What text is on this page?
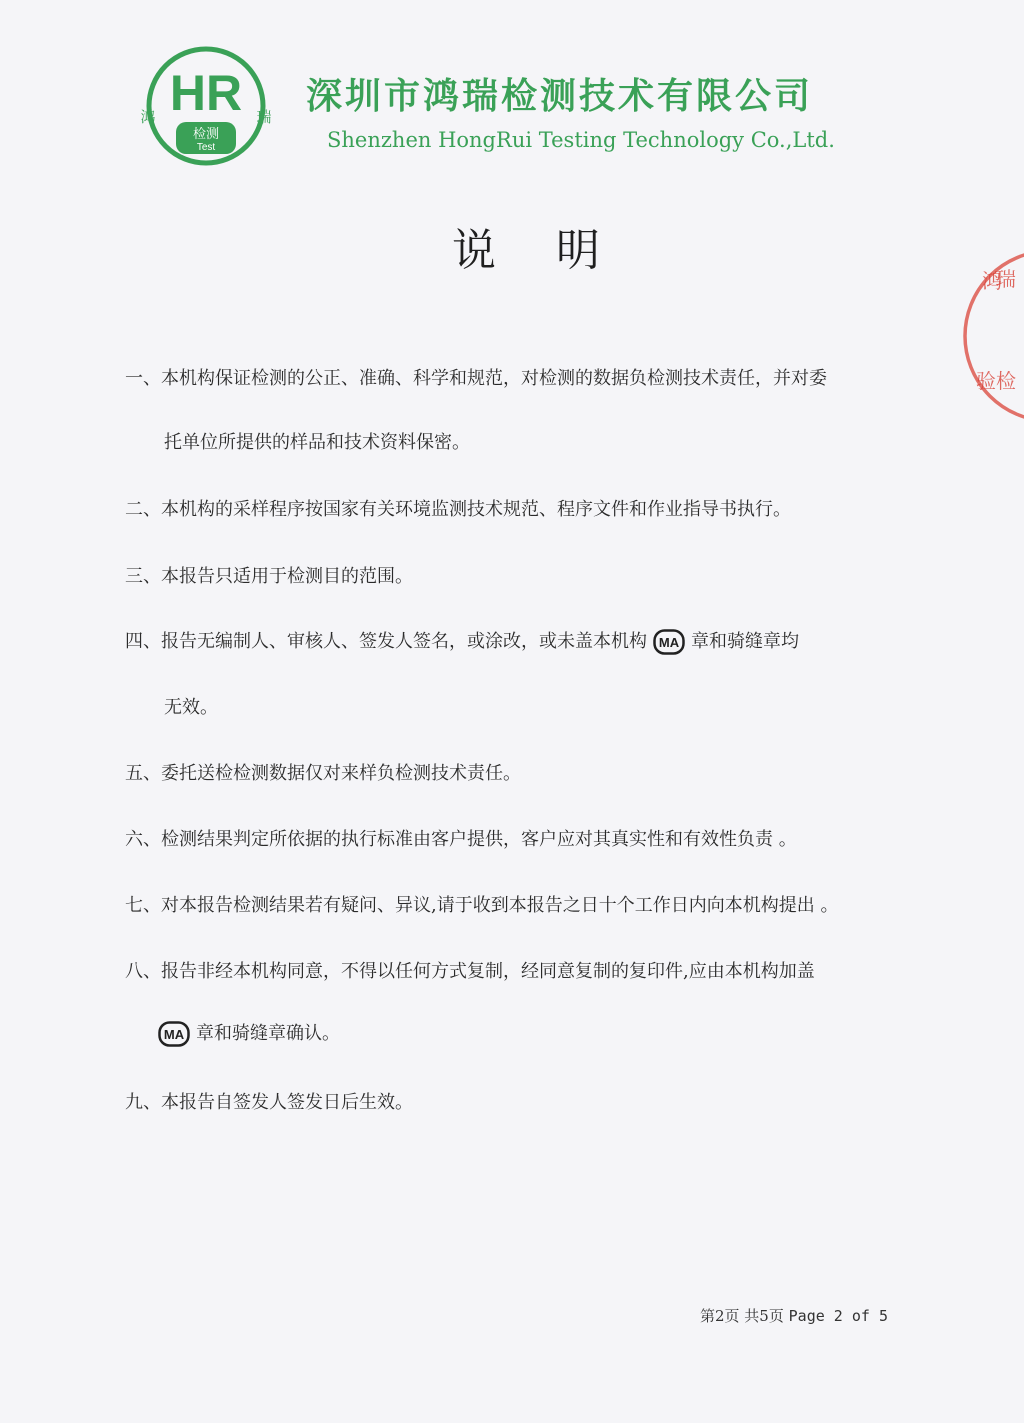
HR
检测
Test
鸿	瑞 深圳市鸿瑞检测技术有限公司
Shenzhen HongRui Testing Technology Co.,Ltd.
说明
一、本机构保证检测的公正、准确、科学和规范，对检测的数据负检测技术责任，并对委
托单位所提供的样品和技术资料保密。
二、本机构的采样程序按国家有关环境监测技术规范、程序文件和作业指导书执行。
三、本报告只适用于检测目的范围。
四、报告无编制人、审核人、签发人签名，或涂改，或未盖本机构 MA 章和骑缝章均
无效。
五、委托送检检测数据仅对来样负检测技术责任。
六、检测结果判定所依据的执行标准由客户提供，客户应对其真实性和有效性负责 。
七、对本报告检测结果若有疑问、异议,请于收到本报告之日十个工作日内向本机构提出 。
八、报告非经本机构同意，不得以任何方式复制，经同意复制的复印件,应由本机构加盖
MA 章和骑缝章确认。
九、本报告自签发人签发日后生效。
鸿
瑞
验 检
第2页 共5页 Page 2 of 5
